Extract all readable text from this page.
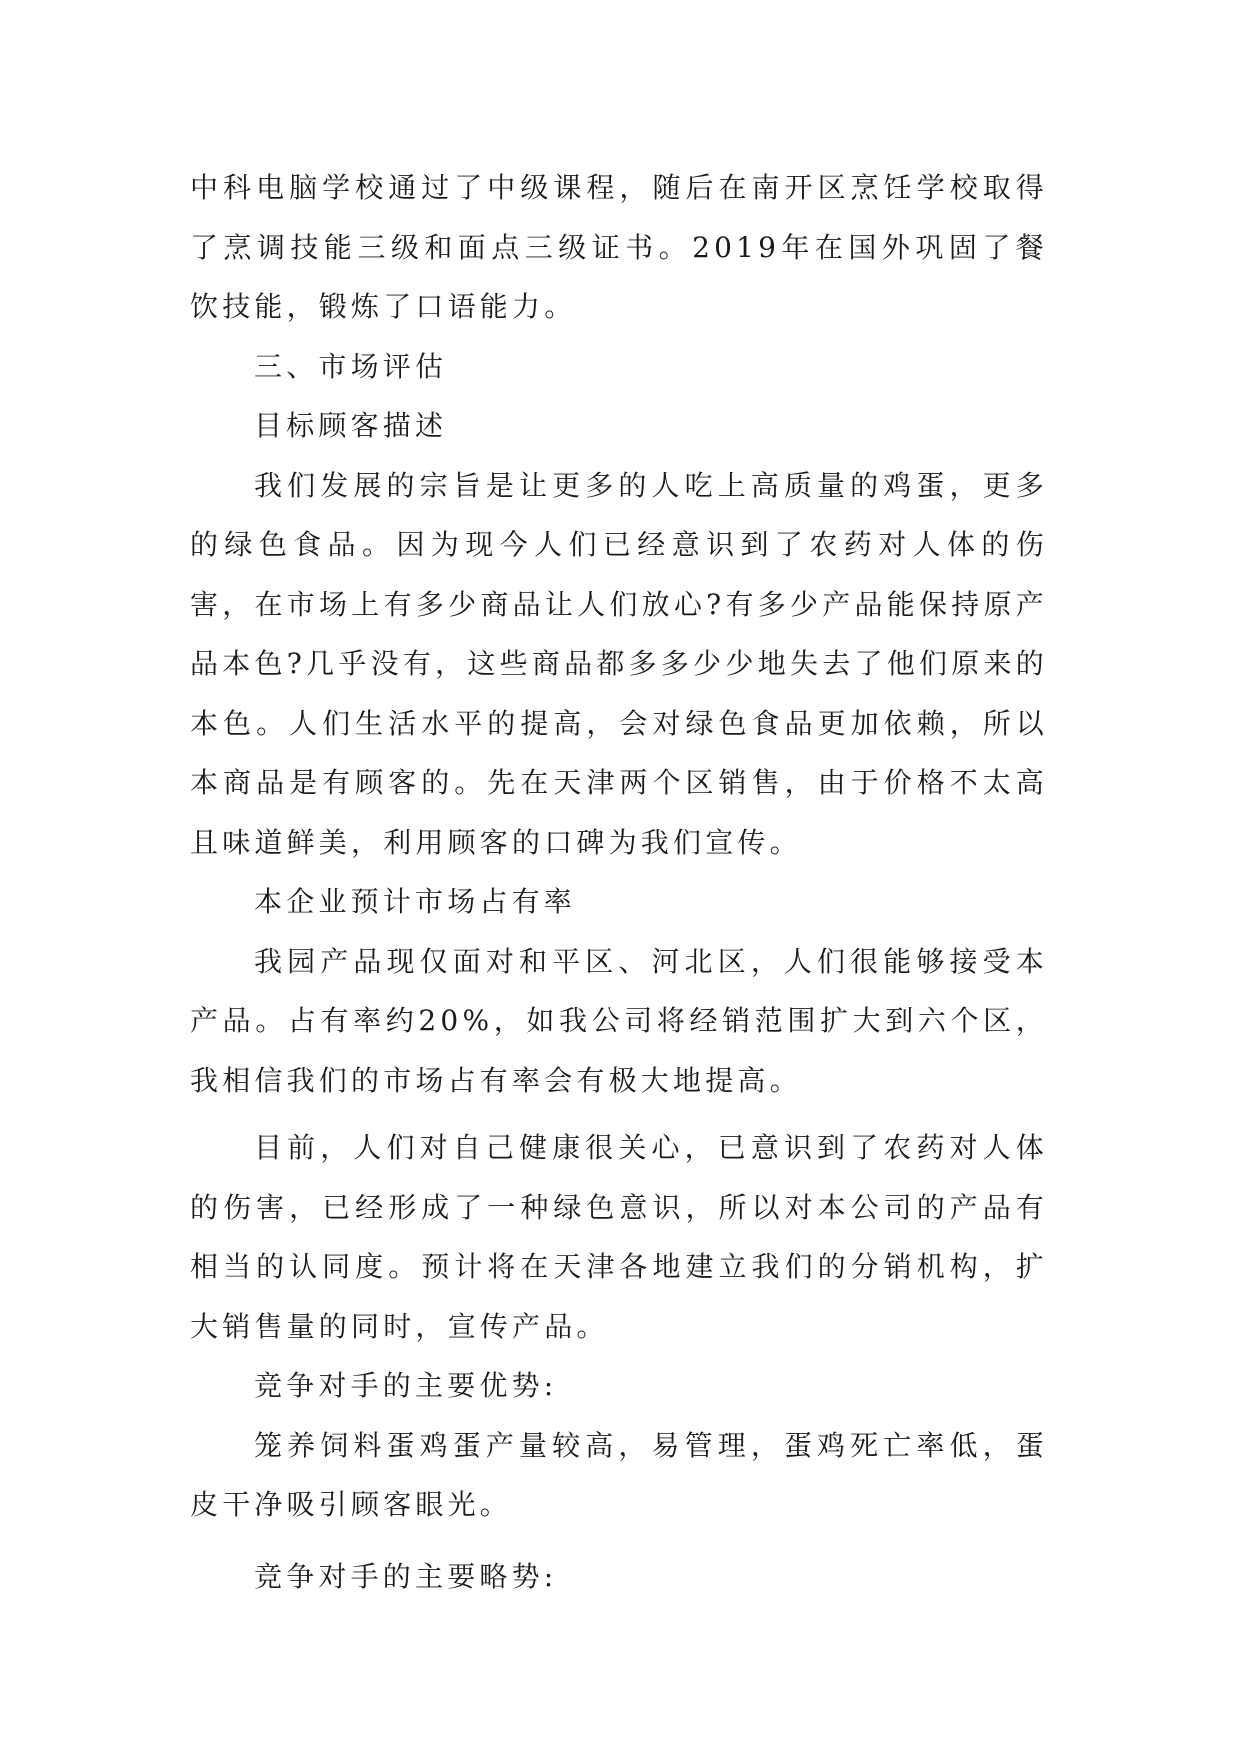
中科电脑学校通过了中级课程，随后在南开区烹饪学校取得了烹调技能三级和面点三级证书。2019年在国外巩固了餐饮技能，锻炼了口语能力。

三、市场评估

目标顾客描述

我们发展的宗旨是让更多的人吃上高质量的鸡蛋，更多的绿色食品。因为现今人们已经意识到了农药对人体的伤害，在市场上有多少商品让人们放心?有多少产品能保持原产品本色?几乎没有，这些商品都多多少少地失去了他们原来的本色。人们生活水平的提高，会对绿色食品更加依赖，所以本商品是有顾客的。先在天津两个区销售，由于价格不太高且味道鲜美，利用顾客的口碑为我们宣传。

本企业预计市场占有率

我园产品现仅面对和平区、河北区，人们很能够接受本产品。占有率约20%，如我公司将经销范围扩大到六个区，我相信我们的市场占有率会有极大地提高。

目前，人们对自己健康很关心，已意识到了农药对人体的伤害，已经形成了一种绿色意识，所以对本公司的产品有相当的认同度。预计将在天津各地建立我们的分销机构，扩大销售量的同时，宣传产品。

竞争对手的主要优势:

笼养饲料蛋鸡蛋产量较高，易管理，蛋鸡死亡率低，蛋皮干净吸引顾客眼光。

竞争对手的主要略势:
